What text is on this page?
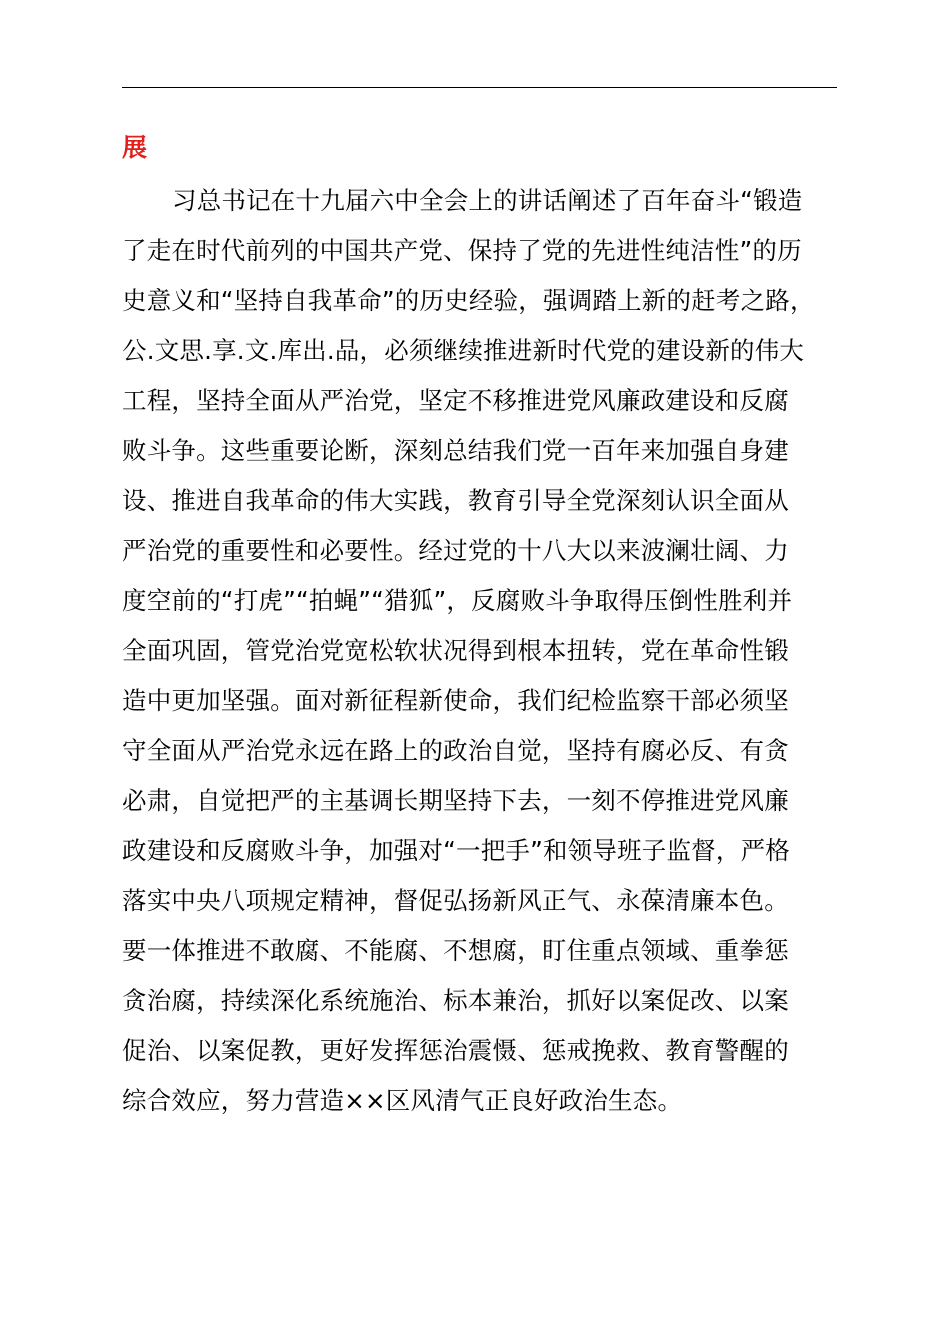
展
习总书记在十九届六中全会上的讲话阐述了百年奋斗“锻造
了走在时代前列的中国共产党、保持了党的先进性纯洁性”的历
史意义和“坚持自我革命”的历史经验，强调踏上新的赶考之路，
公.文思.享.文.库出.品，必须继续推进新时代党的建设新的伟大
工程，坚持全面从严治党，坚定不移推进党风廉政建设和反腐
败斗争。这些重要论断，深刻总结我们党一百年来加强自身建
设、推进自我革命的伟大实践，教育引导全党深刻认识全面从
严治党的重要性和必要性。经过党的十八大以来波澜壮阔、力
度空前的“打虎”“拍蝇”“猎狐”，反腐败斗争取得压倒性胜利并
全面巩固，管党治党宽松软状况得到根本扭转，党在革命性锻
造中更加坚强。面对新征程新使命，我们纪检监察干部必须坚
守全面从严治党永远在路上的政治自觉，坚持有腐必反、有贪
必肃，自觉把严的主基调长期坚持下去，一刻不停推进党风廉
政建设和反腐败斗争，加强对“一把手”和领导班子监督，严格
落实中央八项规定精神，督促弘扬新风正气、永葆清廉本色。
要一体推进不敢腐、不能腐、不想腐，盯住重点领域、重拳惩
贪治腐，持续深化系统施治、标本兼治，抓好以案促改、以案
促治、以案促教，更好发挥惩治震慑、惩戒挽救、教育警醒的
综合效应，努力营造××区风清气正良好政治生态。
